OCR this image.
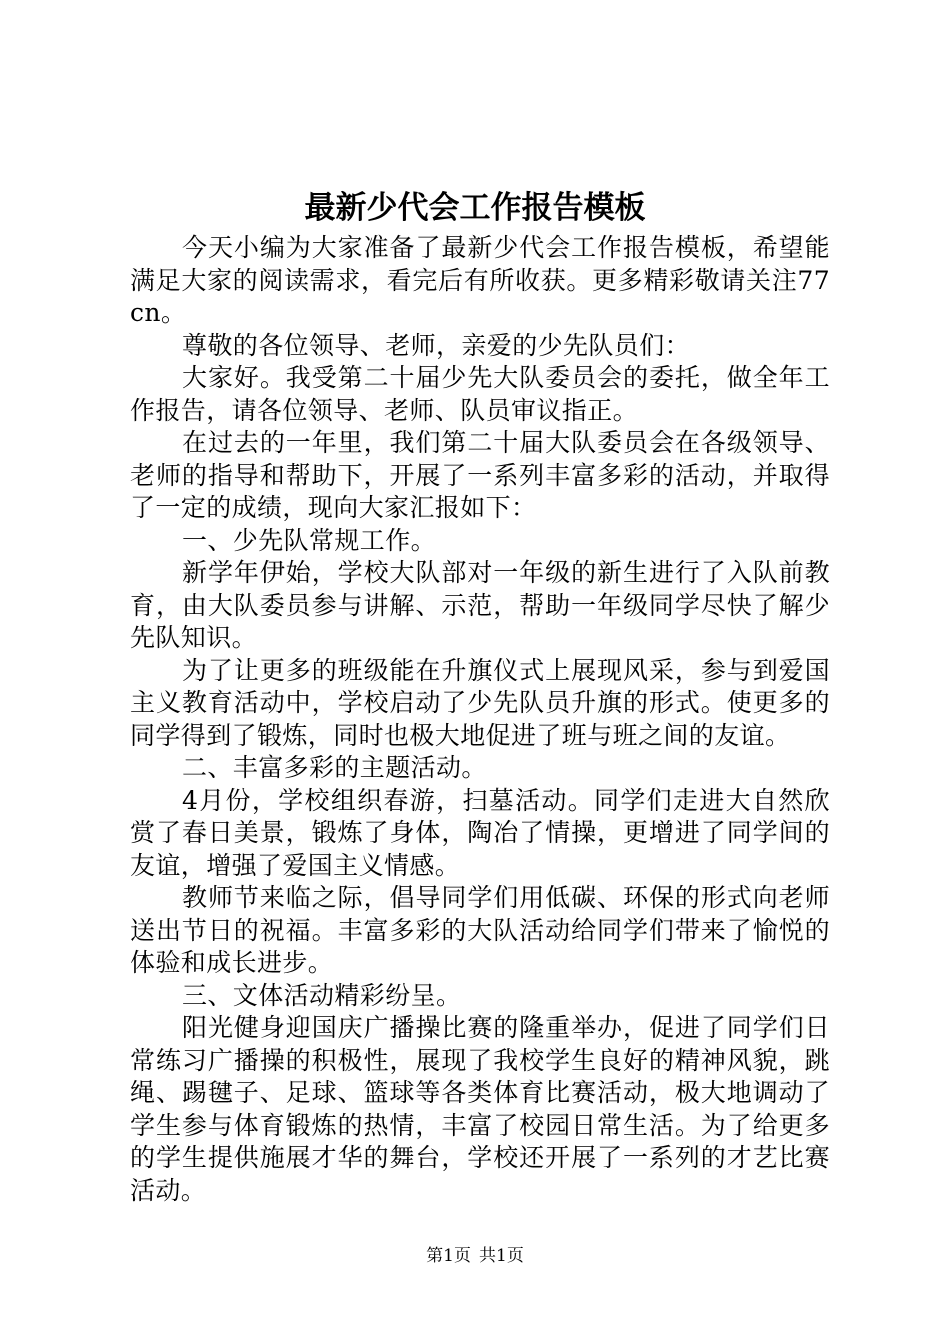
最新少代会工作报告模板

今天小编为大家准备了最新少代会工作报告模板，希望能满足大家的阅读需求，看完后有所收获。更多精彩敬请关注77cn。

尊敬的各位领导、老师，亲爱的少先队员们：

大家好。我受第二十届少先大队委员会的委托，做全年工作报告，请各位领导、老师、队员审议指正。

在过去的一年里，我们第二十届大队委员会在各级领导、老师的指导和帮助下，开展了一系列丰富多彩的活动，并取得了一定的成绩，现向大家汇报如下：

一、少先队常规工作。

新学年伊始，学校大队部对一年级的新生进行了入队前教育，由大队委员参与讲解、示范，帮助一年级同学尽快了解少先队知识。

为了让更多的班级能在升旗仪式上展现风采，参与到爱国主义教育活动中，学校启动了少先队员升旗的形式。使更多的同学得到了锻炼，同时也极大地促进了班与班之间的友谊。

二、丰富多彩的主题活动。

4月份，学校组织春游，扫墓活动。同学们走进大自然欣赏了春日美景，锻炼了身体，陶冶了情操，更增进了同学间的友谊，增强了爱国主义情感。

教师节来临之际，倡导同学们用低碳、环保的形式向老师送出节日的祝福。丰富多彩的大队活动给同学们带来了愉悦的体验和成长进步。

三、文体活动精彩纷呈。

阳光健身迎国庆广播操比赛的隆重举办，促进了同学们日常练习广播操的积极性，展现了我校学生良好的精神风貌，跳绳、踢毽子、足球、篮球等各类体育比赛活动，极大地调动了学生参与体育锻炼的热情，丰富了校园日常生活。为了给更多的学生提供施展才华的舞台，学校还开展了一系列的才艺比赛活动。

第1页 共1页
